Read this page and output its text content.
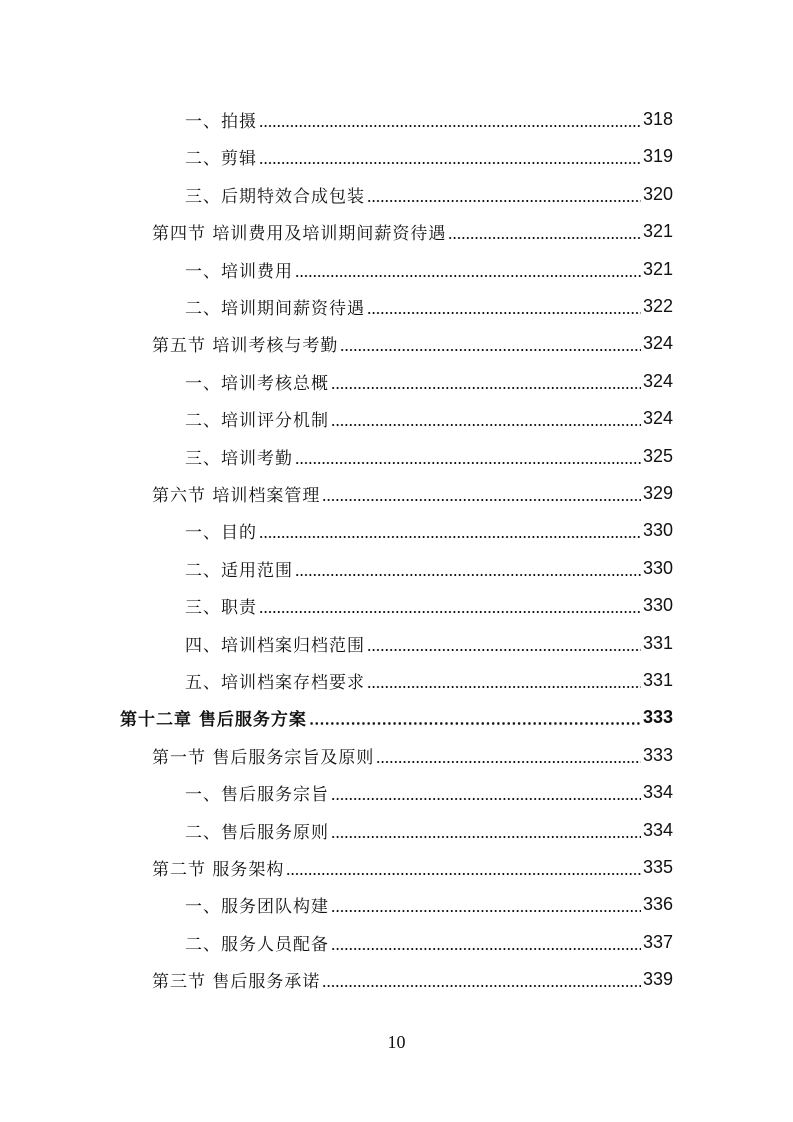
一、拍摄	318
二、剪辑	319
三、后期特效合成包装	320
第四节 培训费用及培训期间薪资待遇	321
一、培训费用	321
二、培训期间薪资待遇	322
第五节 培训考核与考勤	324
一、培训考核总概	324
二、培训评分机制	324
三、培训考勤	325
第六节 培训档案管理	329
一、目的	330
二、适用范围	330
三、职责	330
四、培训档案归档范围	331
五、培训档案存档要求	331
第十二章 售后服务方案	333
第一节 售后服务宗旨及原则	333
一、售后服务宗旨	334
二、售后服务原则	334
第二节 服务架构	335
一、服务团队构建	336
二、服务人员配备	337
第三节 售后服务承诺	339
10
